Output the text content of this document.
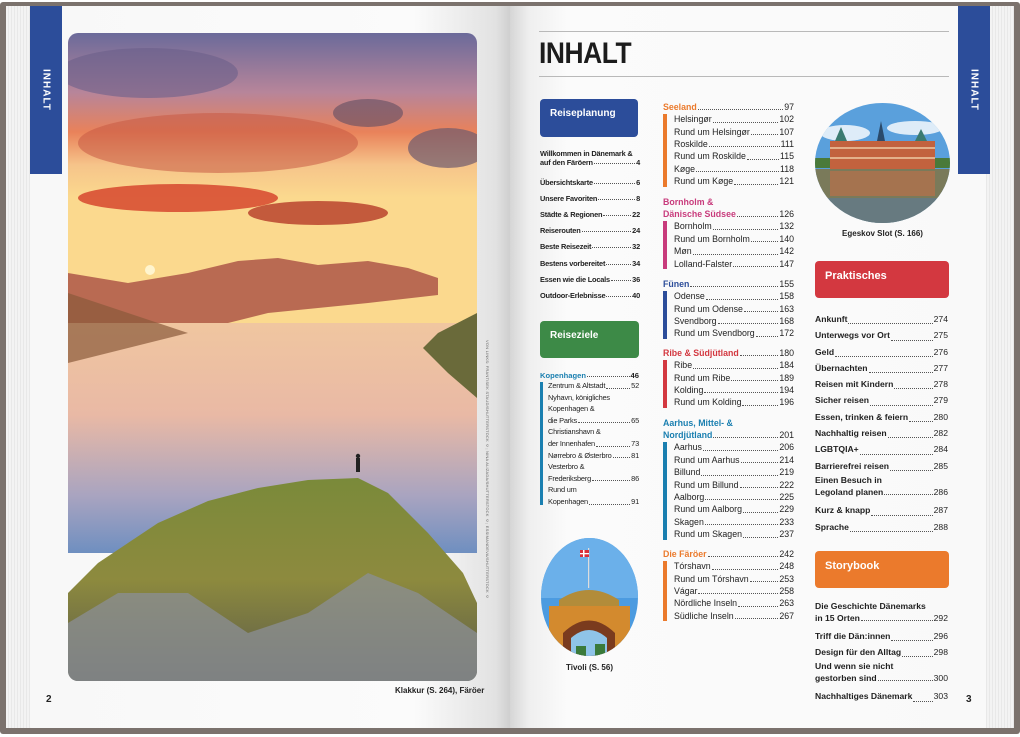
INHALT
VON LINKS: FRANTISEK STAUD/SHUTTERSTOCK ©; NINA ALIZADA/SHUTTERSTOCK ©; ESSIMANDEVA/SHUTTERSTOCK ©
Klakkur (S. 264), Färöer
2
INHALT
INHALT
Reiseplanung
Willkommen in Dänemark &
auf den Färöern	4
Übersichtskarte	6
Unsere Favoriten	8
Städte & Regionen	22
Reiserouten	24
Beste Reisezeit	32
Bestens vorbereitet	34
Essen wie die Locals	36
Outdoor-Erlebnisse	40
Reiseziele
Kopenhagen	46
Zentrum & Altstadt	52
Nyhavn, königliches
Kopenhagen &
die Parks	65
Christianshavn &
der Innenhafen	73
Nørrebro & Østerbro	81
Vesterbro &
Frederiksberg	86
Rund um
Kopenhagen	91
Tivoli (S. 56)
Seeland	97
Helsingør	102
Rund um Helsingør	107
Roskilde	111
Rund um Roskilde	115
Køge	118
Rund um Køge	121
Bornholm &
Dänische Südsee	126
Bornholm	132
Rund um Bornholm	140
Møn	142
Lolland-Falster	147
Fünen	155
Odense	158
Rund um Odense	163
Svendborg	168
Rund um Svendborg	172
Ribe & Südjütland	180
Ribe	184
Rund um Ribe	189
Kolding	194
Rund um Kolding	196
Aarhus, Mittel- &
Nordjütland	201
Aarhus	206
Rund um Aarhus	214
Billund	219
Rund um Billund	222
Aalborg	225
Rund um Aalborg	229
Skagen	233
Rund um Skagen	237
Die Färöer	242
Tórshavn	248
Rund um Tórshavn	253
Vágar	258
Nördliche Inseln	263
Südliche Inseln	267
Egeskov Slot (S. 166)
Praktisches
Ankunft	274
Unterwegs vor Ort	275
Geld	276
Übernachten	277
Reisen mit Kindern	278
Sicher reisen	279
Essen, trinken & feiern	280
Nachhaltig reisen	282
LGBTQIA+	284
Barrierefrei reisen	285
Einen Besuch in
Legoland planen	286
Kurz & knapp	287
Sprache	288
Storybook
Die Geschichte Dänemarks
in 15 Orten	292
Triff die Dän:innen	296
Design für den Alltag	298
Und wenn sie nicht
gestorben sind	300
Nachhaltiges Dänemark 303 3
